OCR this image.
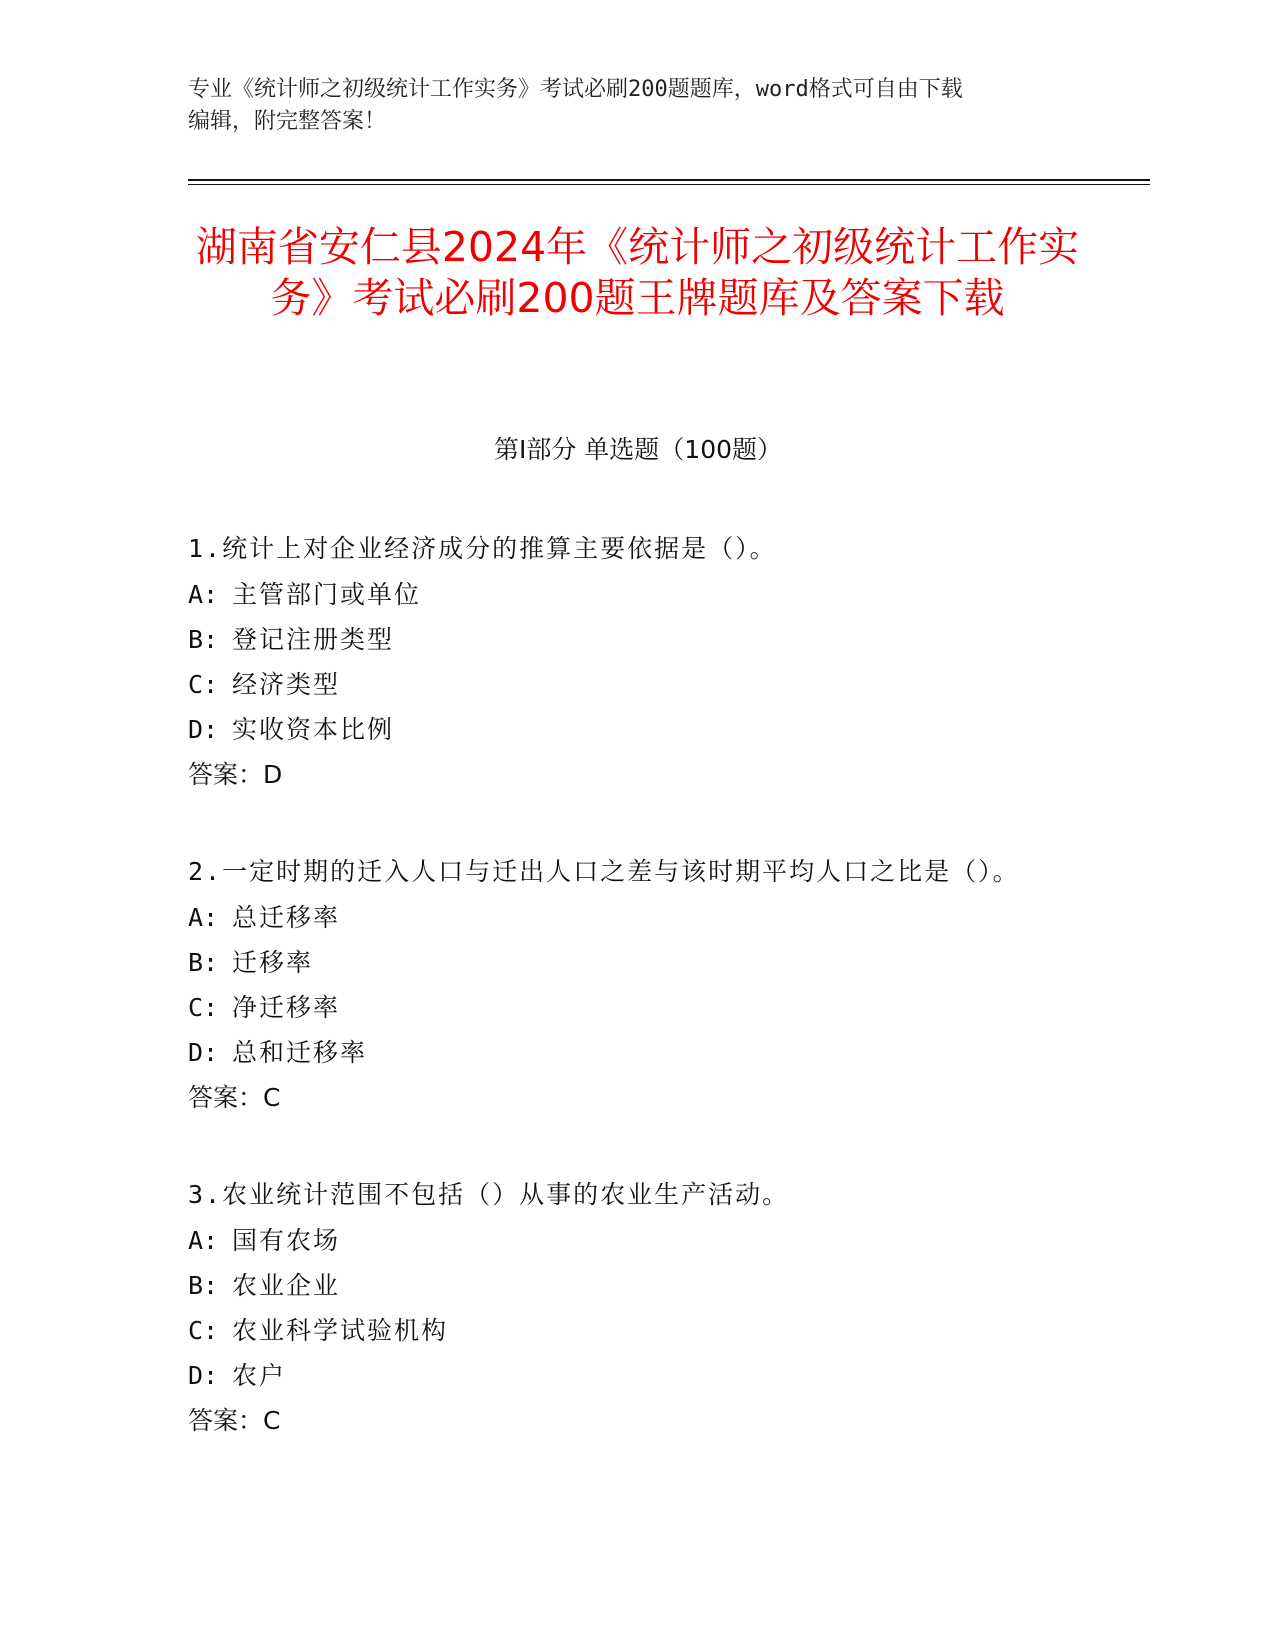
专业《统计师之初级统计工作实务》考试必刷200题题库，word格式可自由下载
编辑，附完整答案！
湖南省安仁县2024年《统计师之初级统计工作实务》考试必刷200题王牌题库及答案下载
第Ⅰ部分 单选题（100题）

1.统计上对企业经济成分的推算主要依据是（）。

A: 主管部门或单位
B: 登记注册类型
C: 经济类型
D: 实收资本比例

答案：D

2.一定时期的迁入人口与迁出人口之差与该时期平均人口之比是（）。

A: 总迁移率
B: 迁移率
C: 净迁移率
D: 总和迁移率

答案：C

3.农业统计范围不包括（）从事的农业生产活动。

A: 国有农场
B: 农业企业
C: 农业科学试验机构
D: 农户

答案：C
